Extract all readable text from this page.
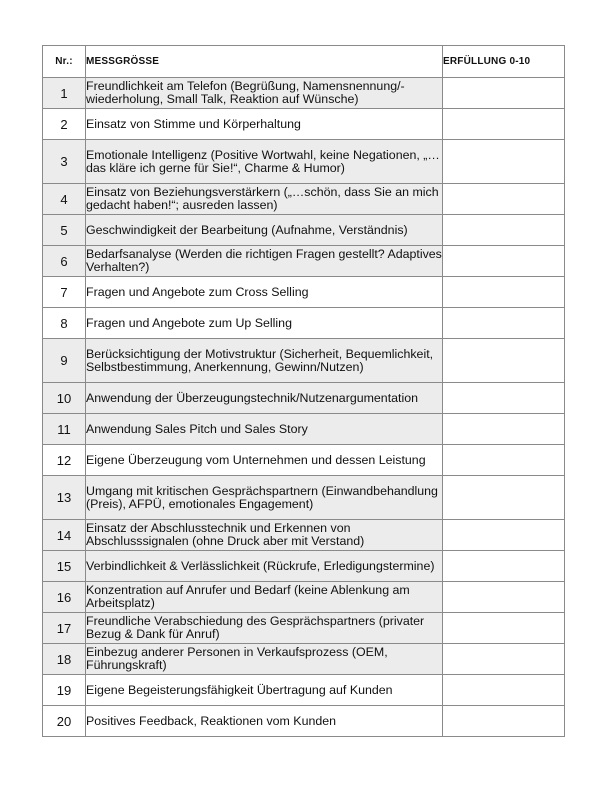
Nr.:	MESSGRÖSSE	ERFÜLLUNG 0-10
1	Freundlichkeit am Telefon (Begrüßung, Namensnennung/-wiederholung, Small Talk, Reaktion auf Wünsche)	
2	Einsatz von Stimme und Körperhaltung	
3	Emotionale Intelligenz (Positive Wortwahl, keine Negationen, „… das kläre ich gerne für Sie!“, Charme & Humor)	
4	Einsatz von Beziehungsverstärkern („…schön, dass Sie an mich gedacht haben!“; ausreden lassen)	
5	Geschwindigkeit der Bearbeitung (Aufnahme, Verständnis)	
6	Bedarfsanalyse (Werden die richtigen Fragen gestellt? Adaptives Verhalten?)	
7	Fragen und Angebote zum Cross Selling	
8	Fragen und Angebote zum Up Selling	
9	Berücksichtigung der Motivstruktur (Sicherheit, Bequemlichkeit, Selbstbestimmung, Anerkennung, Gewinn/Nutzen)	
10	Anwendung der Überzeugungstechnik/Nutzenargumentation	
11	Anwendung Sales Pitch und Sales Story	
12	Eigene Überzeugung vom Unternehmen und dessen Leistung	
13	Umgang mit kritischen Gesprächspartnern (Einwandbehandlung (Preis), AFPÜ, emotionales Engagement)	
14	Einsatz der Abschlusstechnik und Erkennen von Abschlusssignalen (ohne Druck aber mit Verstand)	
15	Verbindlichkeit & Verlässlichkeit (Rückrufe, Erledigungstermine)	
16	Konzentration auf Anrufer und Bedarf (keine Ablenkung am Arbeitsplatz)	
17	Freundliche Verabschiedung des Gesprächspartners (privater Bezug & Dank für Anruf)	
18	Einbezug anderer Personen in Verkaufsprozess (OEM, Führungskraft)	
19	Eigene Begeisterungsfähigkeit Übertragung auf Kunden	
20	Positives Feedback, Reaktionen vom Kunden	
